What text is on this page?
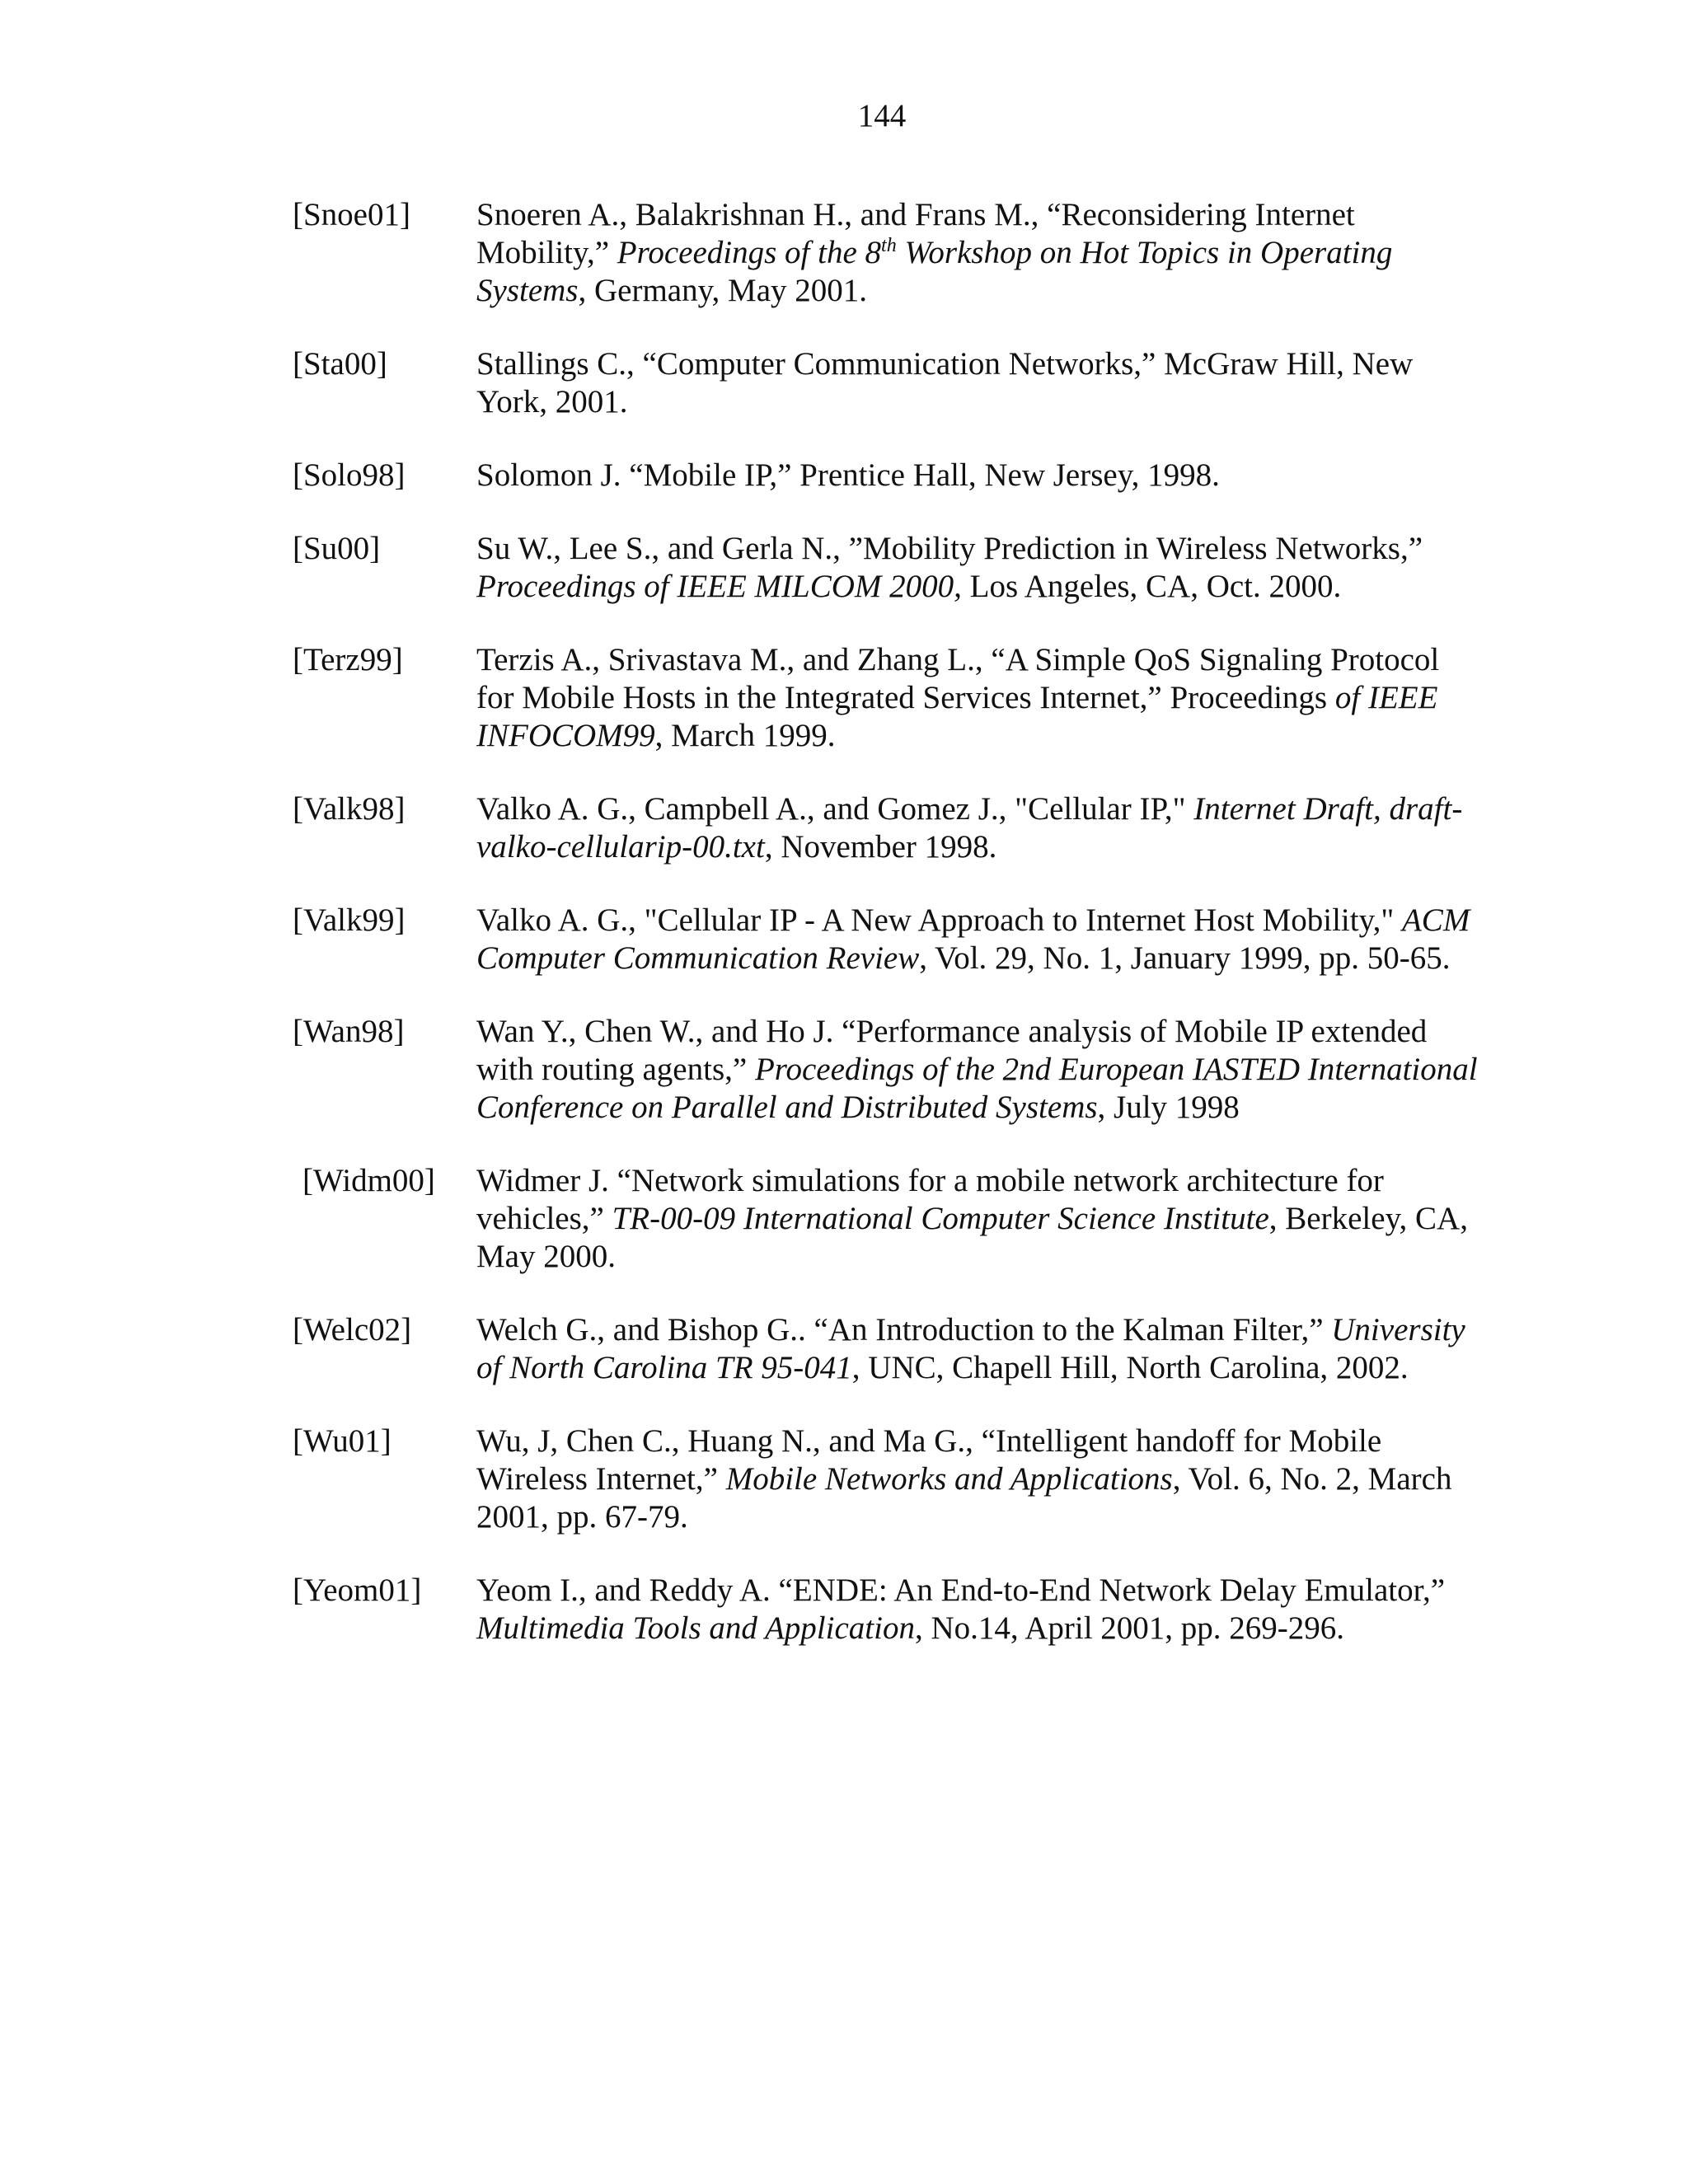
144
[Snoe01] Snoeren A., Balakrishnan H., and Frans M., “Reconsidering Internet Mobility,” Proceedings of the 8th Workshop on Hot Topics in Operating Systems, Germany, May 2001.
[Sta00]	Stallings C., “Computer Communication Networks,” McGraw Hill, New York, 2001.
[Solo98] Solomon J. “Mobile IP,” Prentice Hall, New Jersey, 1998.
[Su00]	Su W., Lee S., and Gerla N., ”Mobility Prediction in Wireless Networks,” Proceedings of IEEE MILCOM 2000, Los Angeles, CA, Oct. 2000.
[Terz99] Terzis A., Srivastava M., and Zhang L., “A Simple QoS Signaling Protocol for Mobile Hosts in the Integrated Services Internet,” Proceedings of IEEE INFOCOM99, March 1999.
[Valk98] Valko A. G., Campbell A., and Gomez J., "Cellular IP," Internet Draft, draft-valko-cellularip-00.txt, November 1998.
[Valk99] Valko A. G., "Cellular IP - A New Approach to Internet Host Mobility," ACM Computer Communication Review, Vol. 29, No. 1, January 1999, pp. 50-65.
[Wan98] Wan Y., Chen W., and Ho J. “Performance analysis of Mobile IP extended with routing agents,” Proceedings of the 2nd European IASTED International Conference on Parallel and Distributed Systems, July 1998
[Widm00] Widmer J. “Network simulations for a mobile network architecture for vehicles,” TR-00-09 International Computer Science Institute, Berkeley, CA, May 2000.
[Welc02] Welch G., and Bishop G.. “An Introduction to the Kalman Filter,” University of North Carolina TR 95-041, UNC, Chapell Hill, North Carolina, 2002.
[Wu01]	Wu, J, Chen C., Huang N., and Ma G., “Intelligent handoff for Mobile Wireless Internet,” Mobile Networks and Applications, Vol. 6, No. 2, March 2001, pp. 67-79.
[Yeom01] Yeom I., and Reddy A. “ENDE: An End-to-End Network Delay Emulator,” Multimedia Tools and Application, No.14, April 2001, pp. 269-296.
